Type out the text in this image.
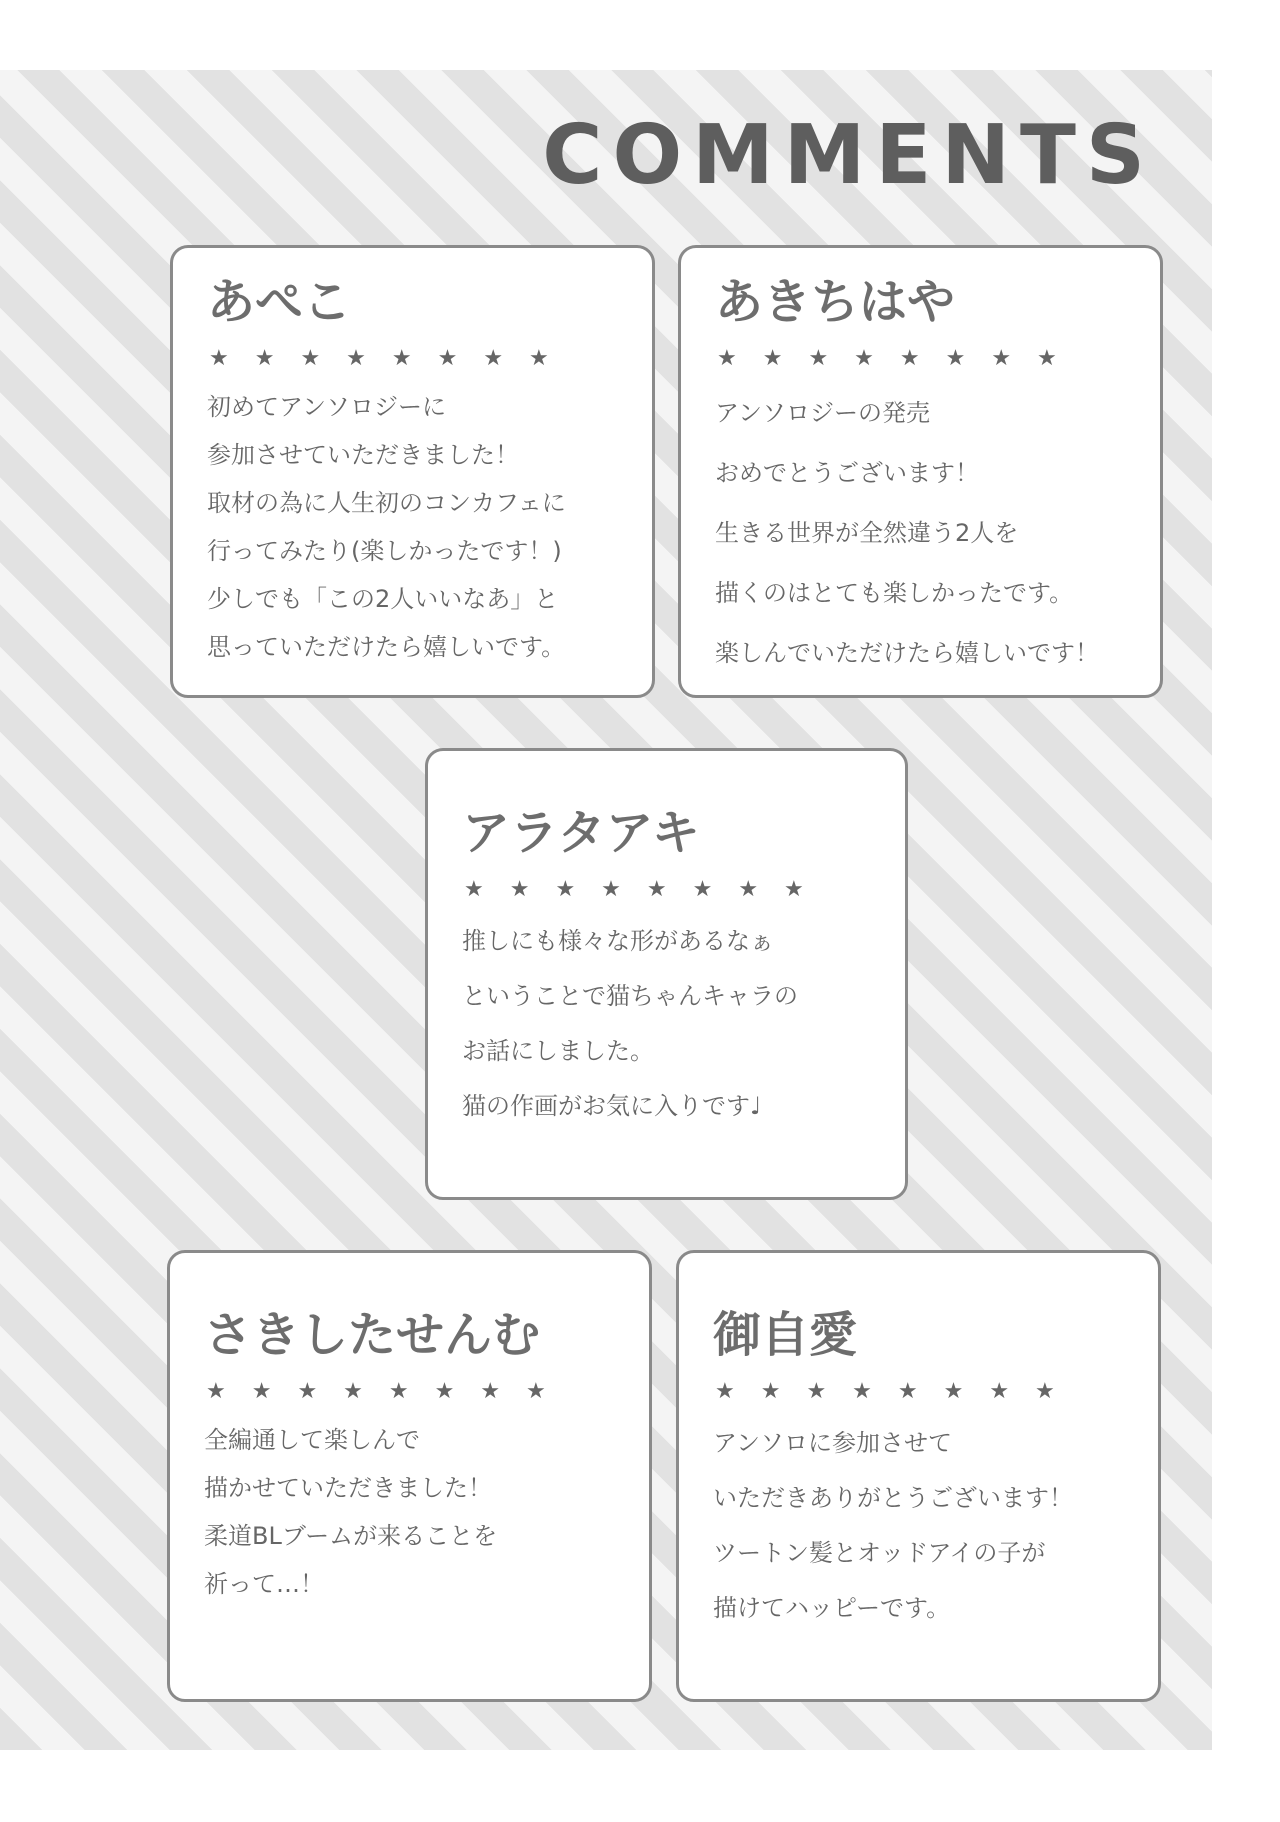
COMMENTS
あぺこ
★★★★★★★★
初めてアンソロジーに
参加させていただきました！
取材の為に人生初のコンカフェに
行ってみたり(楽しかったです！)
少しでも「この2人いいなあ」と
思っていただけたら嬉しいです。
あきちはや
★★★★★★★★
アンソロジーの発売
おめでとうございます！
生きる世界が全然違う2人を
描くのはとても楽しかったです。
楽しんでいただけたら嬉しいです！
アラタアキ
★★★★★★★★
推しにも様々な形があるなぁ
ということで猫ちゃんキャラの
お話にしました。
猫の作画がお気に入りです♩
さきしたせんむ
★★★★★★★★
全編通して楽しんで
描かせていただきました！
柔道BLブームが来ることを
祈って…！
御自愛
★★★★★★★★
アンソロに参加させて
いただきありがとうございます！
ツートン髪とオッドアイの子が
描けてハッピーです。
